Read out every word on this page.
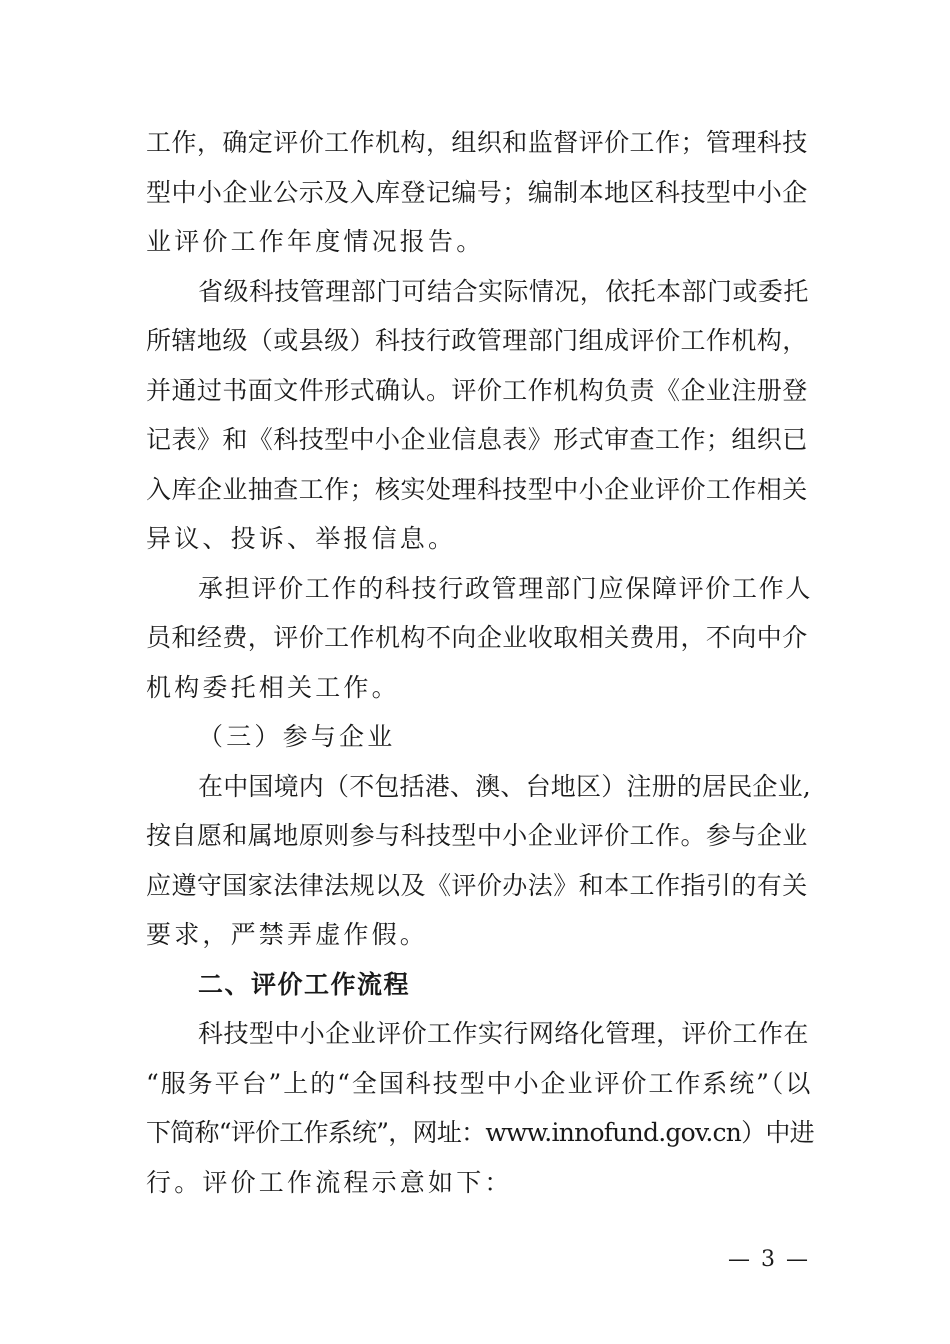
工作，确定评价工作机构，组织和监督评价工作；管理科技
型中小企业公示及入库登记编号；编制本地区科技型中小企
业评价工作年度情况报告。
省级科技管理部门可结合实际情况，依托本部门或委托
所辖地级（或县级）科技行政管理部门组成评价工作机构，
并通过书面文件形式确认。评价工作机构负责《企业注册登
记表》和《科技型中小企业信息表》形式审查工作；组织已
入库企业抽查工作；核实处理科技型中小企业评价工作相关
异议、投诉、举报信息。
承担评价工作的科技行政管理部门应保障评价工作人
员和经费，评价工作机构不向企业收取相关费用，不向中介
机构委托相关工作。
（三）参与企业
在中国境内（不包括港、澳、台地区）注册的居民企业,
按自愿和属地原则参与科技型中小企业评价工作。参与企业
应遵守国家法律法规以及《评价办法》和本工作指引的有关
要求，严禁弄虚作假。
二、评价工作流程
科技型中小企业评价工作实行网络化管理，评价工作在
“服务平台”上的“全国科技型中小企业评价工作系统”（以
下简称“评价工作系统”，网址：www.innofund.gov.cn）中进
行。评价工作流程示意如下：
— 3 —
